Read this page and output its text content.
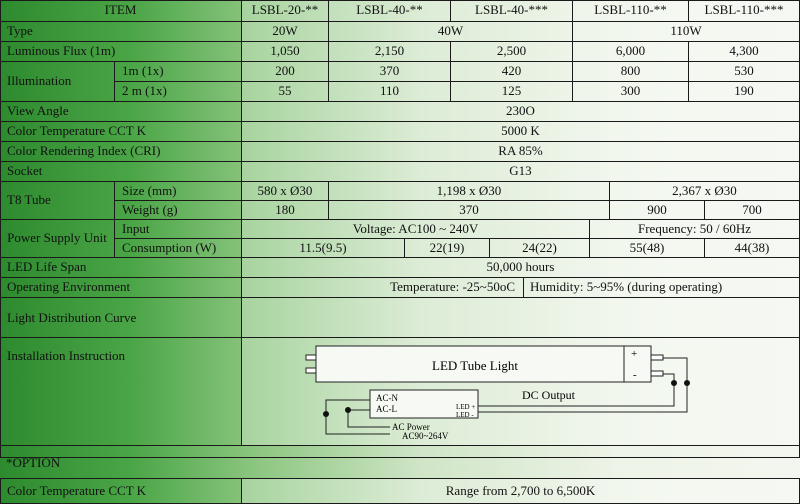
ITEM	LSBL-20-**	LSBL-40-**	LSBL-40-***	LSBL-110-**	LSBL-110-***
Type	20W	40W	110W
Luminous Flux (1m)	1,050	2,150	2,500	6,000	4,300
Illumination
1m (1x)	200	370	420	800	530
2 m (1x)	55	110	125	300	190
View Angle	230O
Color Temperature CCT K	5000 K
Color Rendering Index (CRI)	RA 85%
Socket	G13
T8 Tube
Size (mm)	580 x Ø30	1,198 x Ø30	2,367 x Ø30
Weight (g)	180	370	900	700
Power Supply Unit
Input	Voltage: AC100 ~ 240V	Frequency: 50 / 60Hz
Consumption (W)	11.5(9.5)	22(19)	24(22)	55(48)	44(38)
LED Life Span	50,000 hours
Operating Environment	Temperature: -25~50oC	Humidity: 5~95% (during operating)
Light Distribution Curve
Installation Instruction
LED Tube Light
+
-
DC Output
AC-N
AC-L	LED +
LED -
AC Power
AC90~264V
*OPTION
Color Temperature CCT K	Range from 2,700 to 6,500K
